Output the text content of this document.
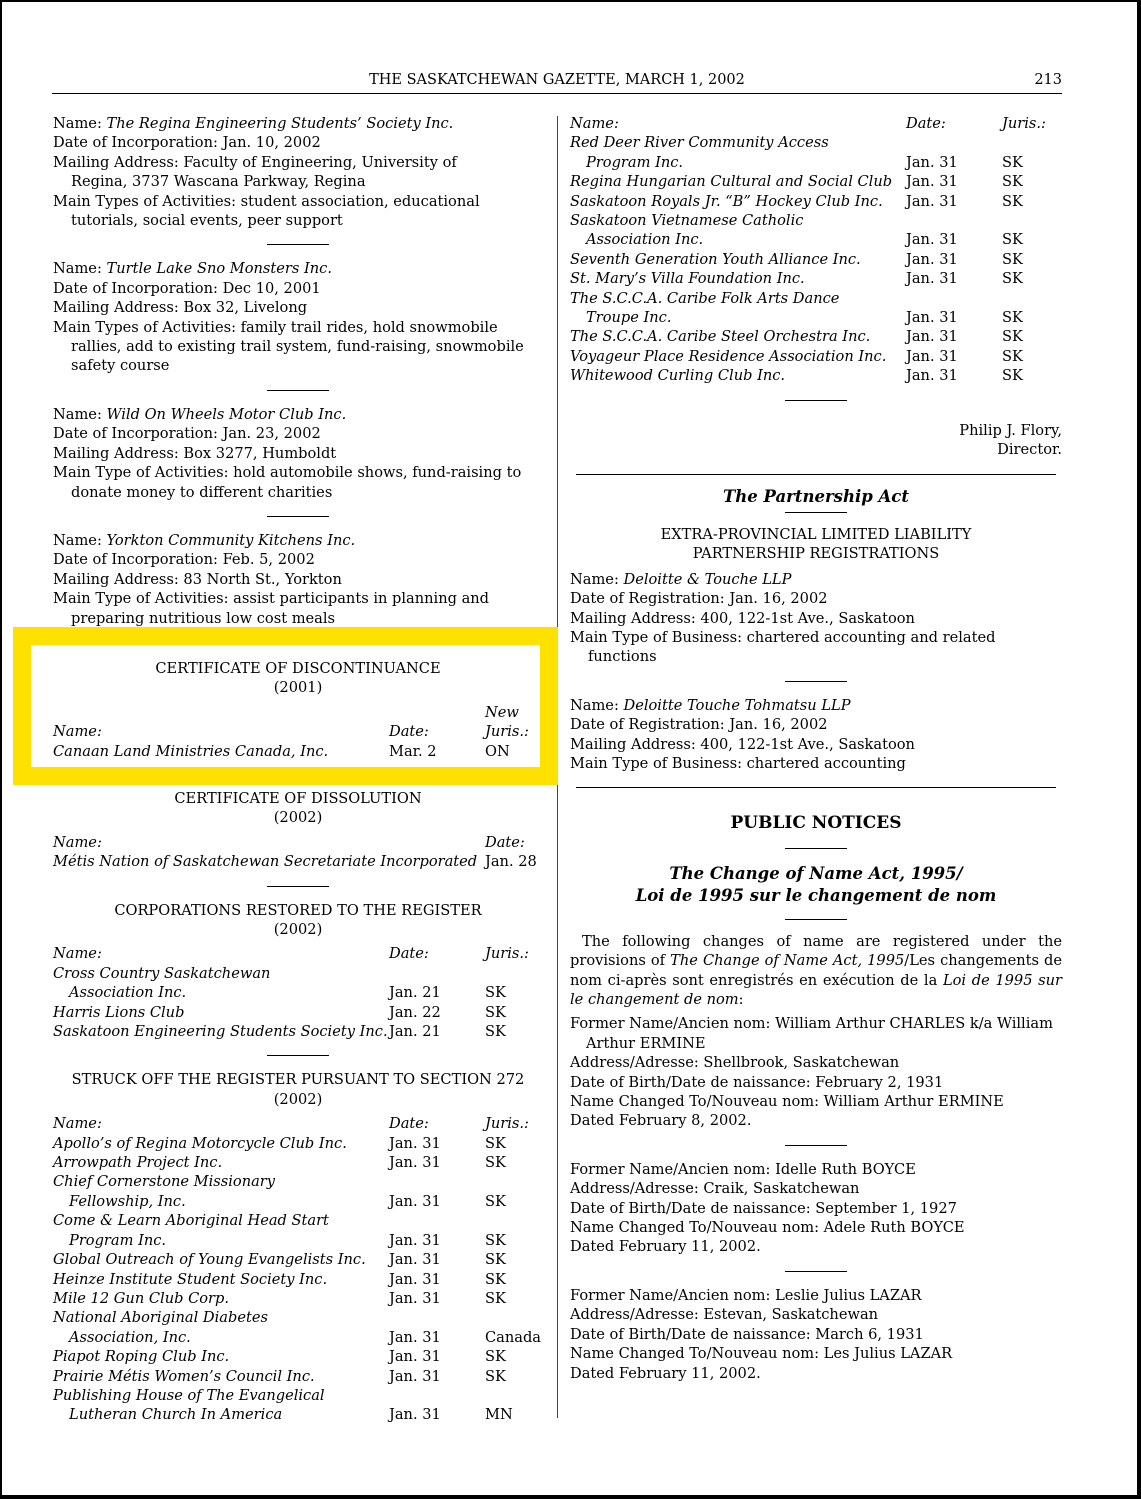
THE SASKATCHEWAN GAZETTE, MARCH 1, 2002	213

Name: The Regina Engineering Students’ Society Inc.

Date of Incorporation: Jan. 10, 2002

Mailing Address: Faculty of Engineering, University of

Regina, 3737 Wascana Parkway, Regina

Main Types of Activities: student association, educational

tutorials, social events, peer support

Name: Turtle Lake Sno Monsters Inc.

Date of Incorporation: Dec 10, 2001

Mailing Address: Box 32, Livelong

Main Types of Activities: family trail rides, hold snowmobile

rallies, add to existing trail system, fund-raising, snowmobile

safety course

Name: Wild On Wheels Motor Club Inc.

Date of Incorporation: Jan. 23, 2002

Mailing Address: Box 3277, Humboldt

Main Type of Activities: hold automobile shows, fund-raising to

donate money to different charities

Name: Yorkton Community Kitchens Inc.

Date of Incorporation: Feb. 5, 2002

Mailing Address: 83 North St., Yorkton

Main Type of Activities: assist participants in planning and

preparing nutritious low cost meals

CERTIFICATE OF DISCONTINUANCE

(2001)

New
Name:	Date:	Juris.:
Canaan Land Ministries Canada, Inc.	Mar. 2	ON

CERTIFICATE OF DISSOLUTION

(2002)

Name:	Date:
Métis Nation of Saskatchewan Secretariate Incorporated Jan. 28

CORPORATIONS RESTORED TO THE REGISTER

(2002)

Name:	Date:	Juris.:
Cross Country Saskatchewan
Association Inc.	Jan. 21	SK
Harris Lions Club	Jan. 22	SK
Saskatoon Engineering Students Society Inc. Jan. 21	SK

STRUCK OFF THE REGISTER PURSUANT TO SECTION 272

(2002)

Name:	Date:	Juris.:
Apollo’s of Regina Motorcycle Club Inc.	Jan. 31	SK
Arrowpath Project Inc.	Jan. 31	SK
Chief Cornerstone Missionary
Fellowship, Inc.	Jan. 31	SK
Come & Learn Aboriginal Head Start
Program Inc.	Jan. 31	SK
Global Outreach of Young Evangelists Inc.	Jan. 31	SK
Heinze Institute Student Society Inc.	Jan. 31	SK
Mile 12 Gun Club Corp.	Jan. 31	SK
National Aboriginal Diabetes
Association, Inc.	Jan. 31	Canada
Piapot Roping Club Inc.	Jan. 31	SK
Prairie Métis Women’s Council Inc.	Jan. 31	SK
Publishing House of The Evangelical
Lutheran Church In America	Jan. 31	MN
Name:	Date:	Juris.:
Red Deer River Community Access
Program Inc.	Jan. 31	SK
Regina Hungarian Cultural and Social Club Jan. 31	SK
Saskatoon Royals Jr. “B” Hockey Club Inc.	Jan. 31	SK
Saskatoon Vietnamese Catholic
Association Inc.	Jan. 31	SK
Seventh Generation Youth Alliance Inc.	Jan. 31	SK
St. Mary’s Villa Foundation Inc.	Jan. 31	SK
The S.C.C.A. Caribe Folk Arts Dance
Troupe Inc.	Jan. 31	SK
The S.C.C.A. Caribe Steel Orchestra Inc.	Jan. 31	SK
Voyageur Place Residence Association Inc.	Jan. 31	SK
Whitewood Curling Club Inc.	Jan. 31	SK

Philip J. Flory,

Director.

The Partnership Act

EXTRA-PROVINCIAL LIMITED LIABILITY

PARTNERSHIP REGISTRATIONS

Name: Deloitte & Touche LLP

Date of Registration: Jan. 16, 2002

Mailing Address: 400, 122-1st Ave., Saskatoon

Main Type of Business: chartered accounting and related

functions

Name: Deloitte Touche Tohmatsu LLP

Date of Registration: Jan. 16, 2002

Mailing Address: 400, 122-1st Ave., Saskatoon

Main Type of Business: chartered accounting

PUBLIC NOTICES

The Change of Name Act, 1995/

Loi de 1995 sur le changement de nom

The following changes of name are registered under the provisions of The Change of Name Act, 1995/Les changements de nom ci-après sont enregistrés en exécution de la Loi de 1995 sur le changement de nom:

Former Name/Ancien nom: William Arthur CHARLES k/a William

Arthur ERMINE

Address/Adresse: Shellbrook, Saskatchewan

Date of Birth/Date de naissance: February 2, 1931

Name Changed To/Nouveau nom: William Arthur ERMINE

Dated February 8, 2002.

Former Name/Ancien nom: Idelle Ruth BOYCE

Address/Adresse: Craik, Saskatchewan

Date of Birth/Date de naissance: September 1, 1927

Name Changed To/Nouveau nom: Adele Ruth BOYCE

Dated February 11, 2002.

Former Name/Ancien nom: Leslie Julius LAZAR

Address/Adresse: Estevan, Saskatchewan

Date of Birth/Date de naissance: March 6, 1931

Name Changed To/Nouveau nom: Les Julius LAZAR

Dated February 11, 2002.
